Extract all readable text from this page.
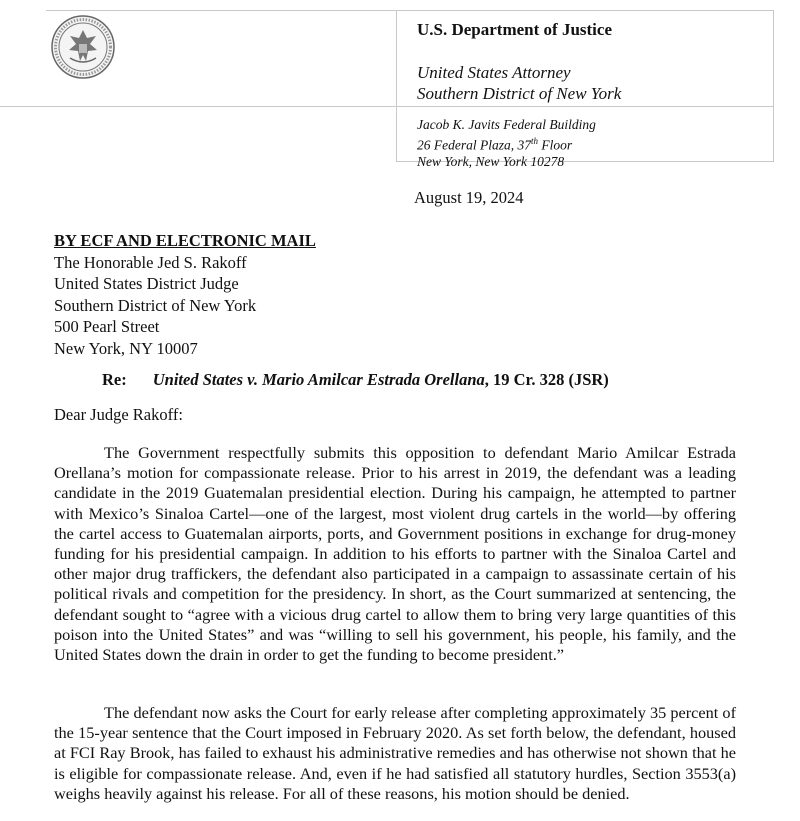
U.S. Department of Justice
United States Attorney
Southern District of New York
Jacob K. Javits Federal Building
26 Federal Plaza, 37th Floor
New York, New York 10278
August 19, 2024
BY ECF AND ELECTRONIC MAIL
The Honorable Jed S. Rakoff
United States District Judge
Southern District of New York
500 Pearl Street
New York, NY 10007
Re: United States v. Mario Amilcar Estrada Orellana, 19 Cr. 328 (JSR)
Dear Judge Rakoff:

The Government respectfully submits this opposition to defendant Mario Amilcar Estrada Orellana’s motion for compassionate release. Prior to his arrest in 2019, the defendant was a leading candidate in the 2019 Guatemalan presidential election. During his campaign, he attempted to partner with Mexico’s Sinaloa Cartel—one of the largest, most violent drug cartels in the world—by offering the cartel access to Guatemalan airports, ports, and Government positions in exchange for drug-money funding for his presidential campaign. In addition to his efforts to partner with the Sinaloa Cartel and other major drug traffickers, the defendant also participated in a campaign to assassinate certain of his political rivals and competition for the presidency. In short, as the Court summarized at sentencing, the defendant sought to “agree with a vicious drug cartel to allow them to bring very large quantities of this poison into the United States” and was “willing to sell his government, his people, his family, and the United States down the drain in order to get the funding to become president.”

The defendant now asks the Court for early release after completing approximately 35 percent of the 15-year sentence that the Court imposed in February 2020. As set forth below, the defendant, housed at FCI Ray Brook, has failed to exhaust his administrative remedies and has otherwise not shown that he is eligible for compassionate release. And, even if he had satisfied all statutory hurdles, Section 3553(a) weighs heavily against his release. For all of these reasons, his motion should be denied.
